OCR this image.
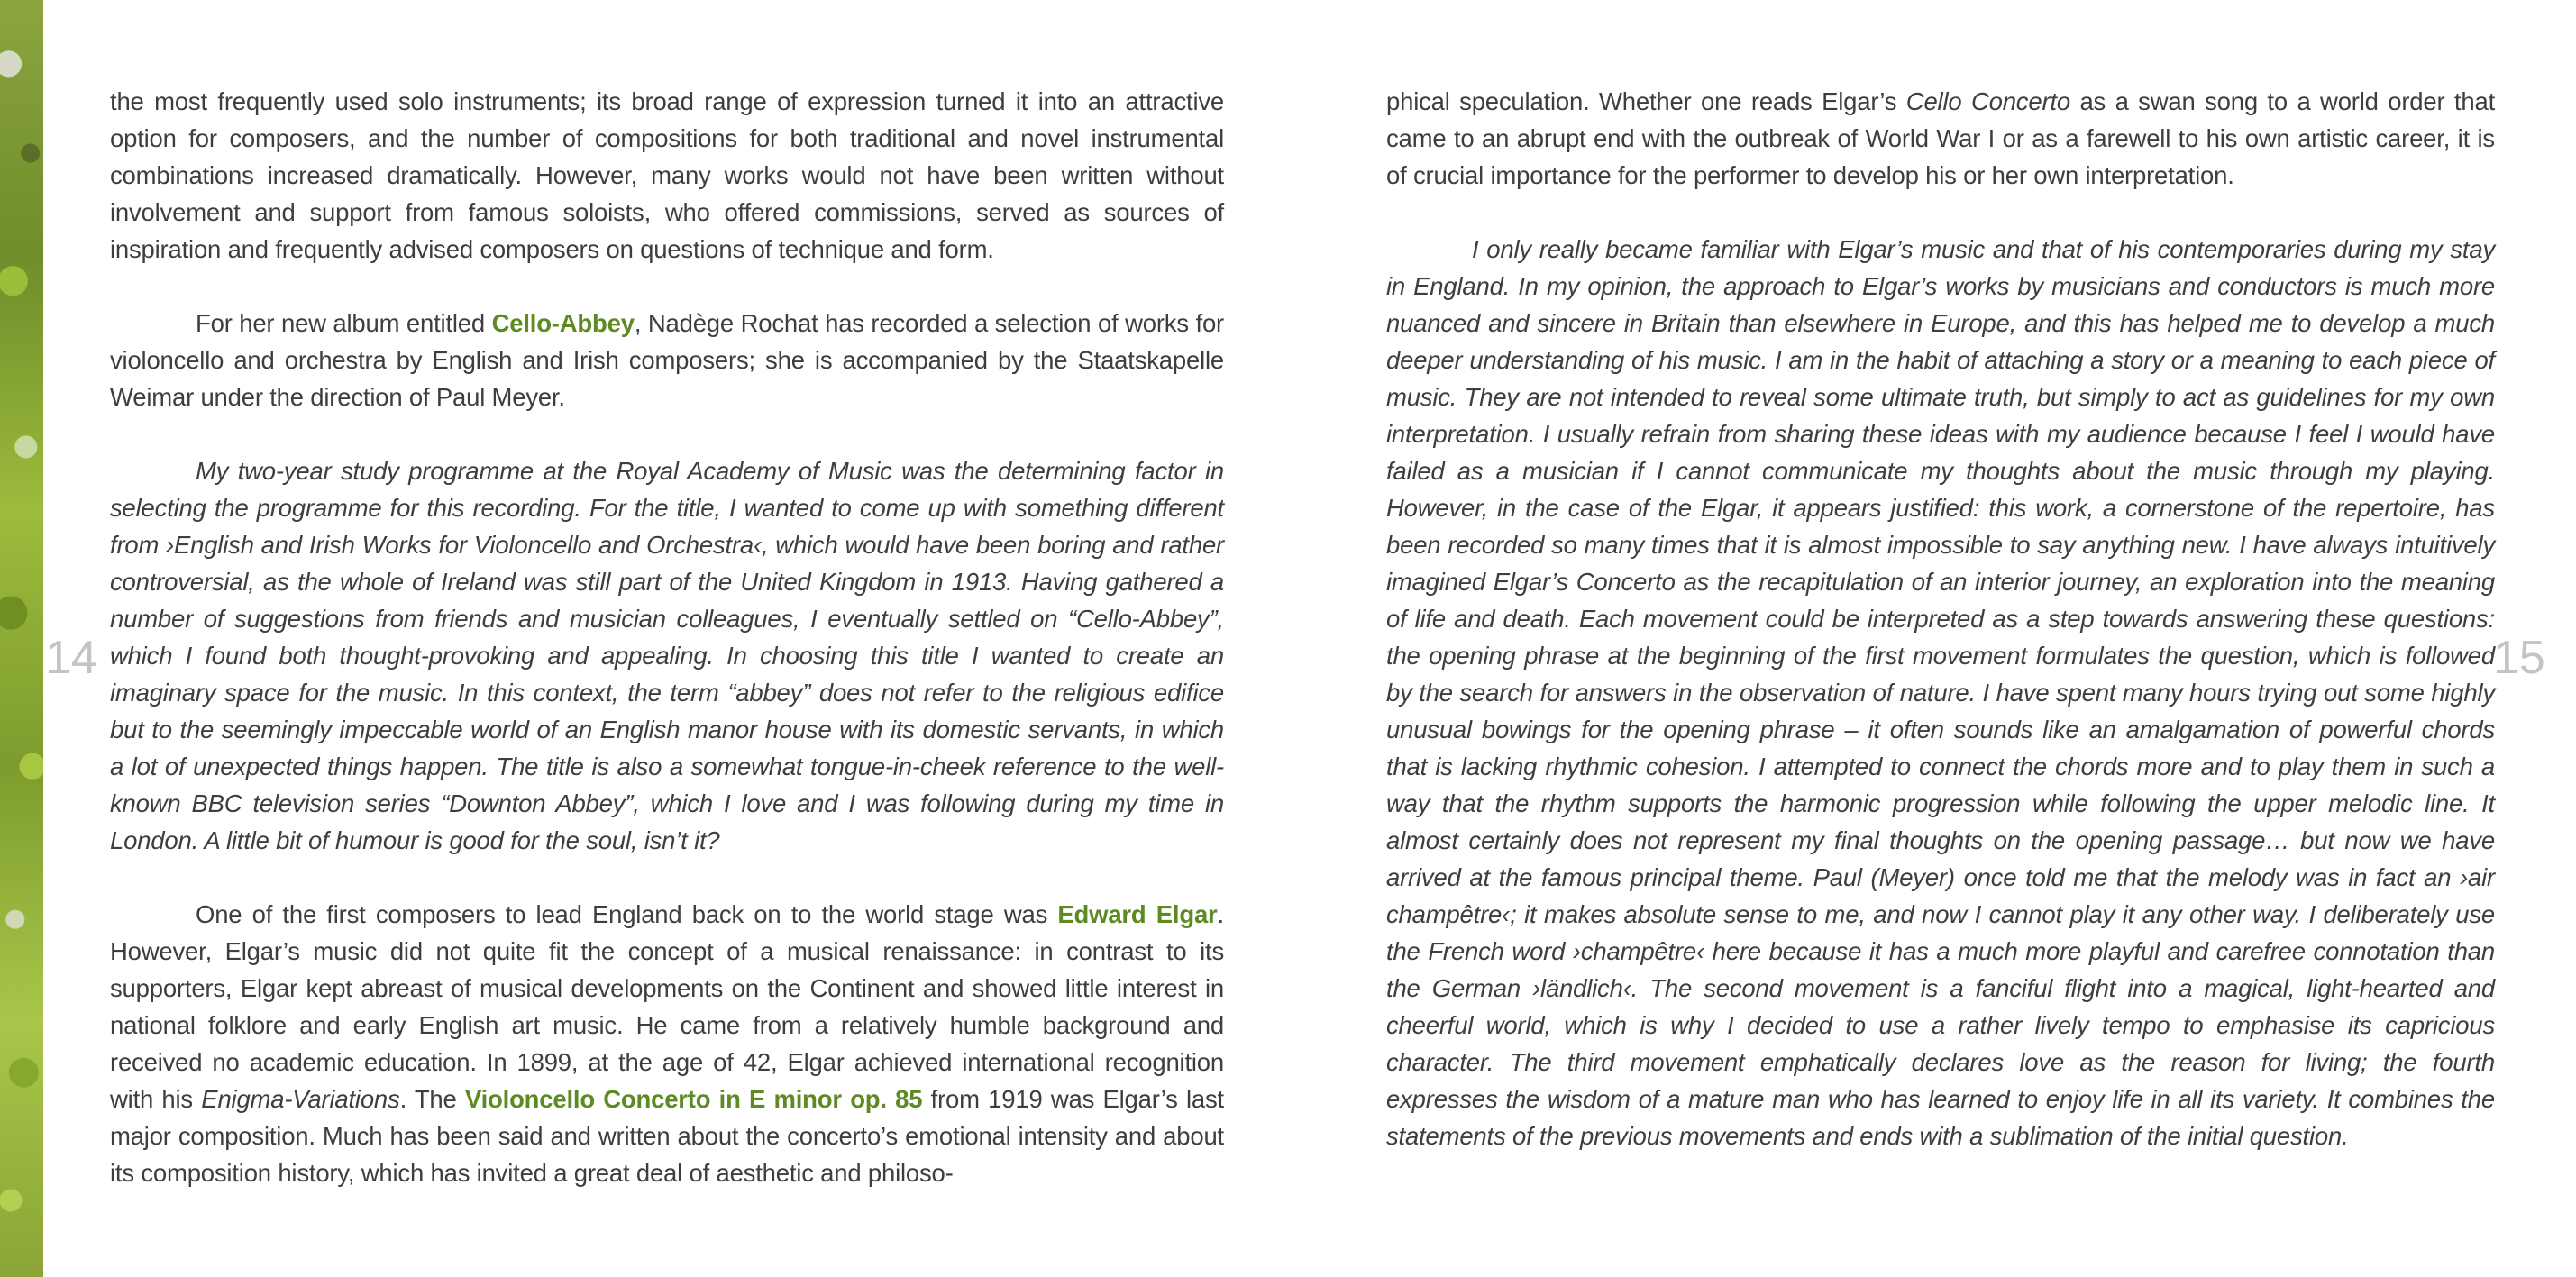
14	15

the most frequently used solo instruments; its broad range of expression turned it into an attractive option for composers, and the number of compositions for both traditional and novel instrumental combinations increased dramatically. However, many works would not have been written without involvement and support from famous soloists, who offered commissions, served as sources of inspiration and frequently advised composers on questions of technique and form.

For her new album entitled Cello-Abbey, Nadège Rochat has recorded a selection of works for violoncello and orchestra by English and Irish composers; she is accompanied by the Staatskapelle Weimar under the direction of Paul Meyer.

My two-year study programme at the Royal Academy of Music was the determining factor in selecting the programme for this recording. For the title, I wanted to come up with something different from ›English and Irish Works for Violoncello and Orchestra‹, which would have been boring and rather controversial, as the whole of Ireland was still part of the United Kingdom in 1913. Having gathered a number of suggestions from friends and musician colleagues, I eventually settled on “Cello-Abbey”, which I found both thought-provoking and appealing. In choosing this title I wanted to create an imaginary space for the music. In this context, the term “abbey” does not refer to the religious edifice but to the seemingly impeccable world of an English manor house with its domestic servants, in which a lot of unexpected things happen. The title is also a somewhat tongue-in-cheek reference to the well-known BBC television series “Downton Abbey”, which I love and I was following during my time in London. A little bit of humour is good for the soul, isn’t it?

One of the first composers to lead England back on to the world stage was Edward Elgar. However, Elgar’s music did not quite fit the concept of a musical renaissance: in contrast to its supporters, Elgar kept abreast of musical developments on the Continent and showed little interest in national folklore and early English art music. He came from a relatively humble background and received no academic education. In 1899, at the age of 42, Elgar achieved international recognition with his Enigma-Variations. The Violoncello Concerto in E minor op. 85 from 1919 was Elgar’s last major composition. Much has been said and written about the concerto’s emotional intensity and about its composition history, which has invited a great deal of aesthetic and philoso-

phical speculation. Whether one reads Elgar’s Cello Concerto as a swan song to a world order that came to an abrupt end with the outbreak of World War I or as a farewell to his own artistic career, it is of crucial importance for the performer to develop his or her own interpretation.

I only really became familiar with Elgar’s music and that of his contemporaries during my stay in England. In my opinion, the approach to Elgar’s works by musicians and conductors is much more nuanced and sincere in Britain than elsewhere in Europe, and this has helped me to develop a much deeper understanding of his music. I am in the habit of attaching a story or a meaning to each piece of music. They are not intended to reveal some ultimate truth, but simply to act as guidelines for my own interpretation. I usually refrain from sharing these ideas with my audience because I feel I would have failed as a musician if I cannot communicate my thoughts about the music through my playing. However, in the case of the Elgar, it appears justified: this work, a cornerstone of the repertoire, has been recorded so many times that it is almost impossible to say anything new. I have always intuitively imagined Elgar’s Concerto as the recapitulation of an interior journey, an exploration into the meaning of life and death. Each movement could be interpreted as a step towards answering these questions: the opening phrase at the beginning of the first movement formulates the question, which is followed by the search for answers in the observation of nature. I have spent many hours trying out some highly unusual bowings for the opening phrase – it often sounds like an amalgamation of powerful chords that is lacking rhythmic cohesion. I attempted to connect the chords more and to play them in such a way that the rhythm supports the harmonic progression while following the upper melodic line. It almost certainly does not represent my final thoughts on the opening passage… but now we have arrived at the famous principal theme. Paul (Meyer) once told me that the melody was in fact an ›air champêtre‹; it makes absolute sense to me, and now I cannot play it any other way. I deliberately use the French word ›champêtre‹ here because it has a much more playful and carefree connotation than the German ›ländlich‹. The second movement is a fanciful flight into a magical, light-hearted and cheerful world, which is why I decided to use a rather lively tempo to emphasise its capricious character. The third movement emphatically declares love as the reason for living; the fourth expresses the wisdom of a mature man who has learned to enjoy life in all its variety. It combines the statements of the previous movements and ends with a sublimation of the initial question.
